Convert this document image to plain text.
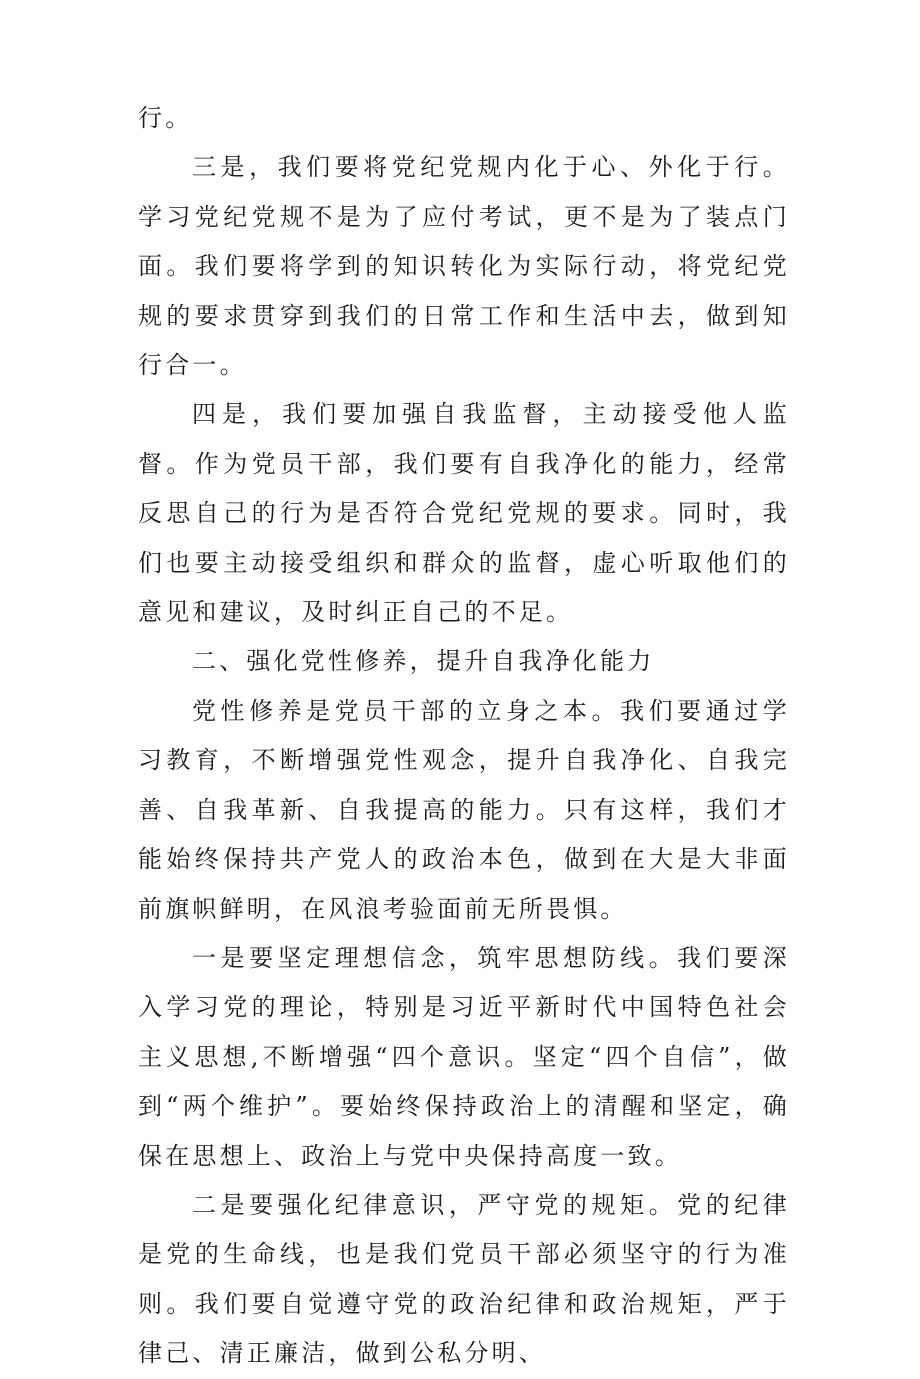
行。

三是，我们要将党纪党规内化于心、外化于行。学习党纪党规不是为了应付考试，更不是为了装点门面。我们要将学到的知识转化为实际行动，将党纪党规的要求贯穿到我们的日常工作和生活中去，做到知行合一。

四是，我们要加强自我监督，主动接受他人监督。作为党员干部，我们要有自我净化的能力，经常反思自己的行为是否符合党纪党规的要求。同时，我们也要主动接受组织和群众的监督，虚心听取他们的意见和建议，及时纠正自己的不足。

二、强化党性修养，提升自我净化能力

党性修养是党员干部的立身之本。我们要通过学习教育，不断增强党性观念，提升自我净化、自我完善、自我革新、自我提高的能力。只有这样，我们才能始终保持共产党人的政治本色，做到在大是大非面前旗帜鲜明，在风浪考验面前无所畏惧。

一是要坚定理想信念，筑牢思想防线。我们要深入学习党的理论，特别是习近平新时代中国特色社会主义思想,不断增强“四个意识。坚定“四个自信”，做到“两个维护”。要始终保持政治上的清醒和坚定，确保在思想上、政治上与党中央保持高度一致。

二是要强化纪律意识，严守党的规矩。党的纪律是党的生命线，也是我们党员干部必须坚守的行为准则。我们要自觉遵守党的政治纪律和政治规矩，严于律己、清正廉洁，做到公私分明、
